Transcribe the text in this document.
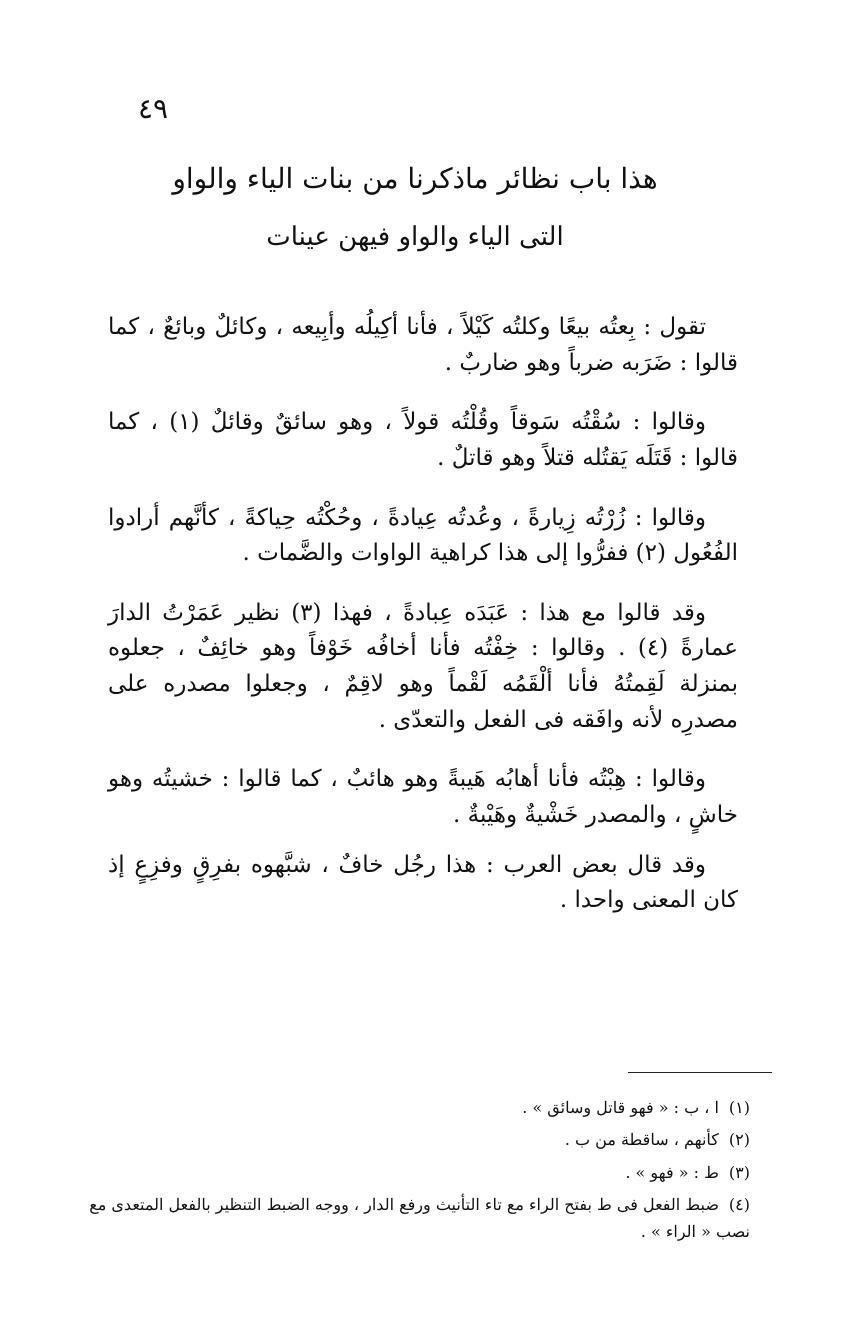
٤٩
هذا باب نظائر ماذكرنا من بنات الياء والواو
التى الياء والواو فيهن عينات

تقول : بِعتُه بيعًا وكلتُه كَيْلاً ، فأنا أكِيلُه وأبِيعه ، وكائلٌ وبائعٌ ، كما قالوا : ضَرَبه ضرباً وهو ضاربٌ .

وقالوا : سُقْتُه سَوقاً وقُلْتُه قولاً ، وهو سائقٌ وقائلٌ (١) ، كما قالوا : قَتَلَه يَقتُله قتلاً وهو قاتلٌ .

وقالوا : زُرْتُه زِيارةً ، وعُدتُه عِيادةً ، وحُكْتُه حِياكةً ، كأنَّهم أرادوا الفُعُول (٢) ففرُّوا إلى هذا كراهية الواوات والضَّمات .

وقد قالوا مع هذا : عَبَدَه عِبادةً ، فهذا (٣) نظير عَمَرْتُ الدارَ عمارةً (٤) . وقالوا : خِفْتُه فأنا أخافُه خَوْفاً وهو خائِفٌ ، جعلوه بمنزلة لَقِمتُهُ فأنا ألْقَمُه لَقْماً وهو لاقِمٌ ، وجعلوا مصدره على مصدرِه لأنه وافَقه فى الفعل والتعدّى .

وقالوا : هِبْتُه فأنا أهابُه هَيبةً وهو هائبٌ ، كما قالوا : خشيتُه وهو خاشٍ ، والمصدر خَشْيةٌ وهَيْبةٌ .

وقد قال بعض العرب : هذا رجُل خافٌ ، شبَّهوه بفرِقٍ وفزِعٍ إذ كان المعنى واحدا .

(١)ا ، ب : « فهو قاتل وسائق » .

(٢)كأنهم ، ساقطة من ب .

(٣)ط : « فهو » .

(٤)ضبط الفعل فى ط بفتح الراء مع تاء التأنيث ورفع الدار ، ووجه الضبط التنظير بالفعل المتعدى مع نصب « الراء » .
